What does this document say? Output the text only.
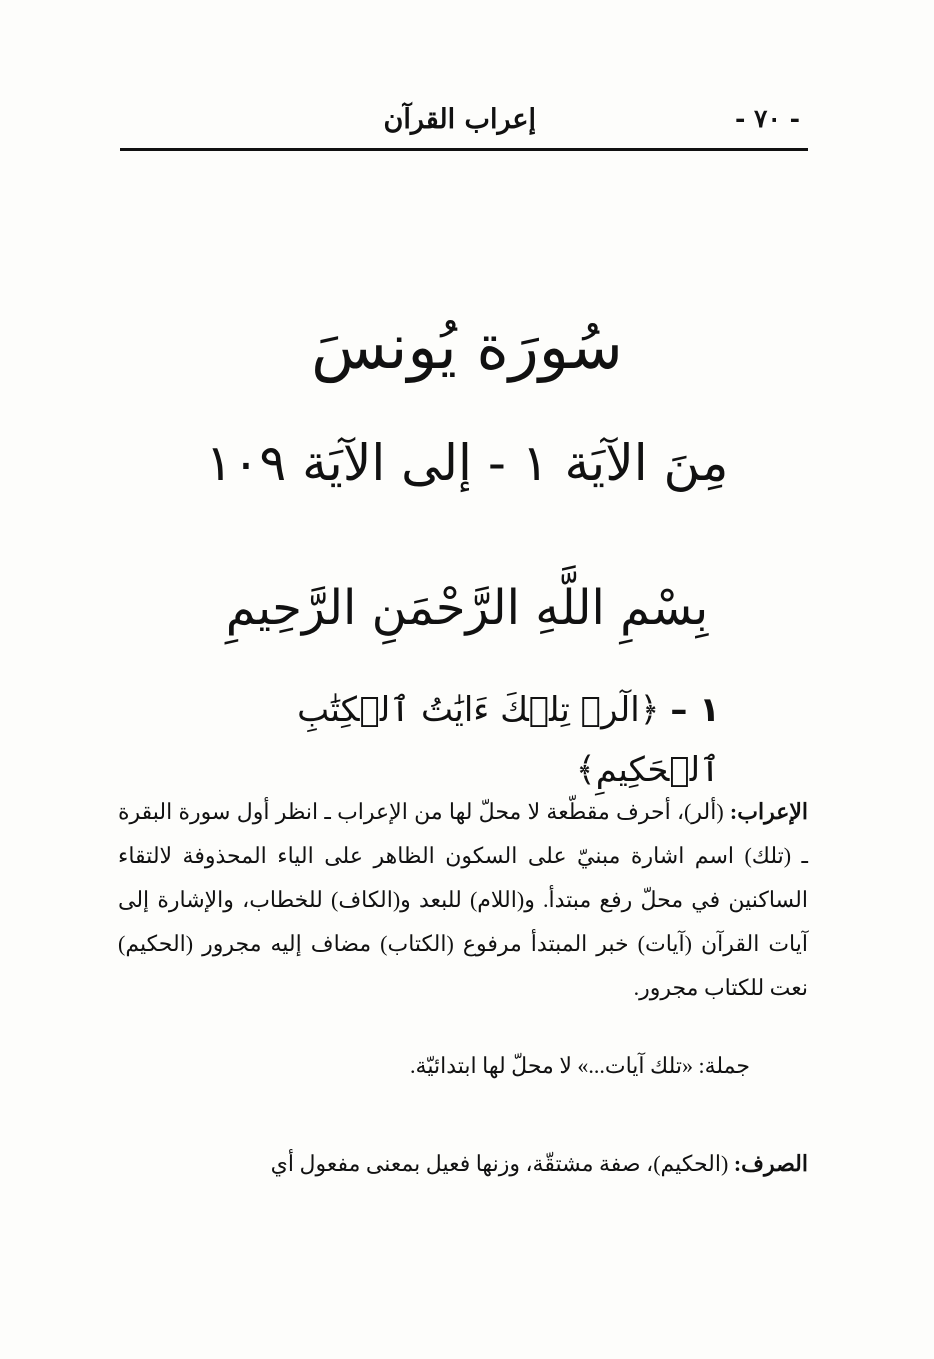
- ٧٠ -
إعراب القرآن
سُورَة يُونسَ
مِنَ الآيَة ١ - إلى الآيَة ١٠٩
بِسْمِ اللَّهِ الرَّحْمَنِ الرَّحِيمِ
١ – ﴿الٓرۚ تِلۡكَ ءَايَٰتُ ٱلۡكِتَٰبِ ٱلۡحَكِيمِ﴾
الإعراب: (ألر)، أحرف مقطّعة لا محلّ لها من الإعراب ـ انظر أول سورة البقرة ـ (تلك) اسم اشارة مبنيّ على السكون الظاهر على الياء المحذوفة لالتقاء الساكنين في محلّ رفع مبتدأ. و(اللام) للبعد و(الكاف) للخطاب، والإشارة إلى آيات القرآن (آيات) خبر المبتدأ مرفوع (الكتاب) مضاف إليه مجرور (الحكيم) نعت للكتاب مجرور.
جملة: «تلك آيات...» لا محلّ لها ابتدائيّة.
الصرف: (الحكيم)، صفة مشتقّة، وزنها فعيل بمعنى مفعول أي
